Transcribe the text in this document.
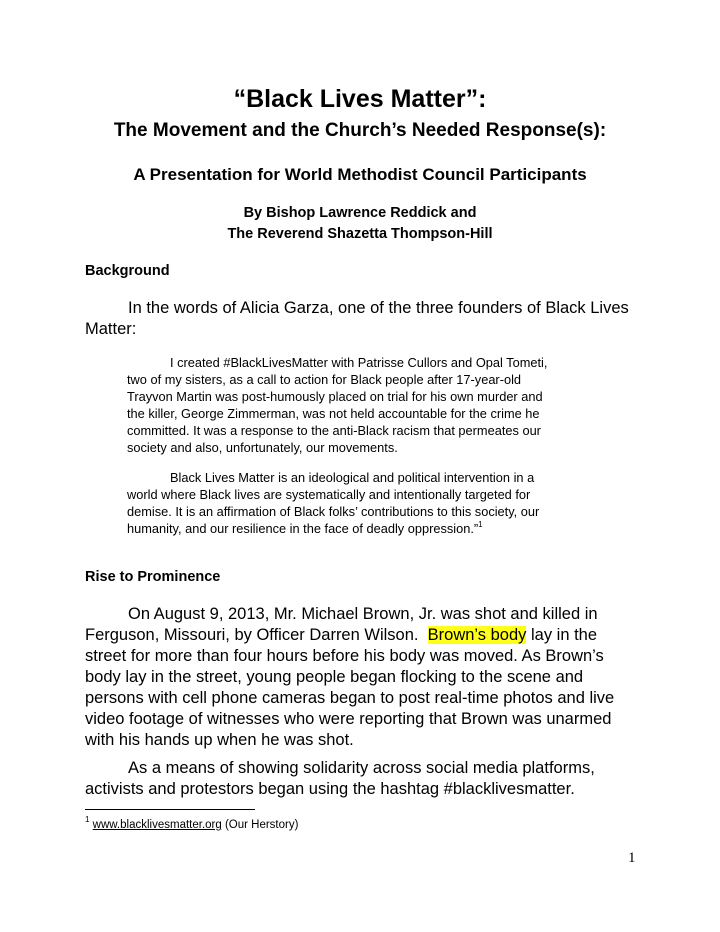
“Black Lives Matter”:
The Movement and the Church’s Needed Response(s):
A Presentation for World Methodist Council Participants
By Bishop Lawrence Reddick and
The Reverend Shazetta Thompson-Hill
Background
In the words of Alicia Garza, one of the three founders of Black Lives
Matter:
I created #BlackLivesMatter with Patrisse Cullors and Opal Tometi,
two of my sisters, as a call to action for Black people after 17-year-old
Trayvon Martin was post-humously placed on trial for his own murder and
the killer, George Zimmerman, was not held accountable for the crime he
committed. It was a response to the anti-Black racism that permeates our
society and also, unfortunately, our movements.
Black Lives Matter is an ideological and political intervention in a
world where Black lives are systematically and intentionally targeted for
demise. It is an affirmation of Black folks’ contributions to this society, our
humanity, and our resilience in the face of deadly oppression.”$^1$
Rise to Prominence
On August 9, 2013, Mr. Michael Brown, Jr. was shot and killed in
Ferguson, Missouri, by Officer Darren Wilson.  Brown’s body lay in the
street for more than four hours before his body was moved. As Brown’s
body lay in the street, young people began flocking to the scene and
persons with cell phone cameras began to post real-time photos and live
video footage of witnesses who were reporting that Brown was unarmed
with his hands up when he was shot.
As a means of showing solidarity across social media platforms,
activists and protestors began using the hashtag #blacklivesmatter.
$^1$ www.blacklivesmatter.org (Our Herstory)
1
